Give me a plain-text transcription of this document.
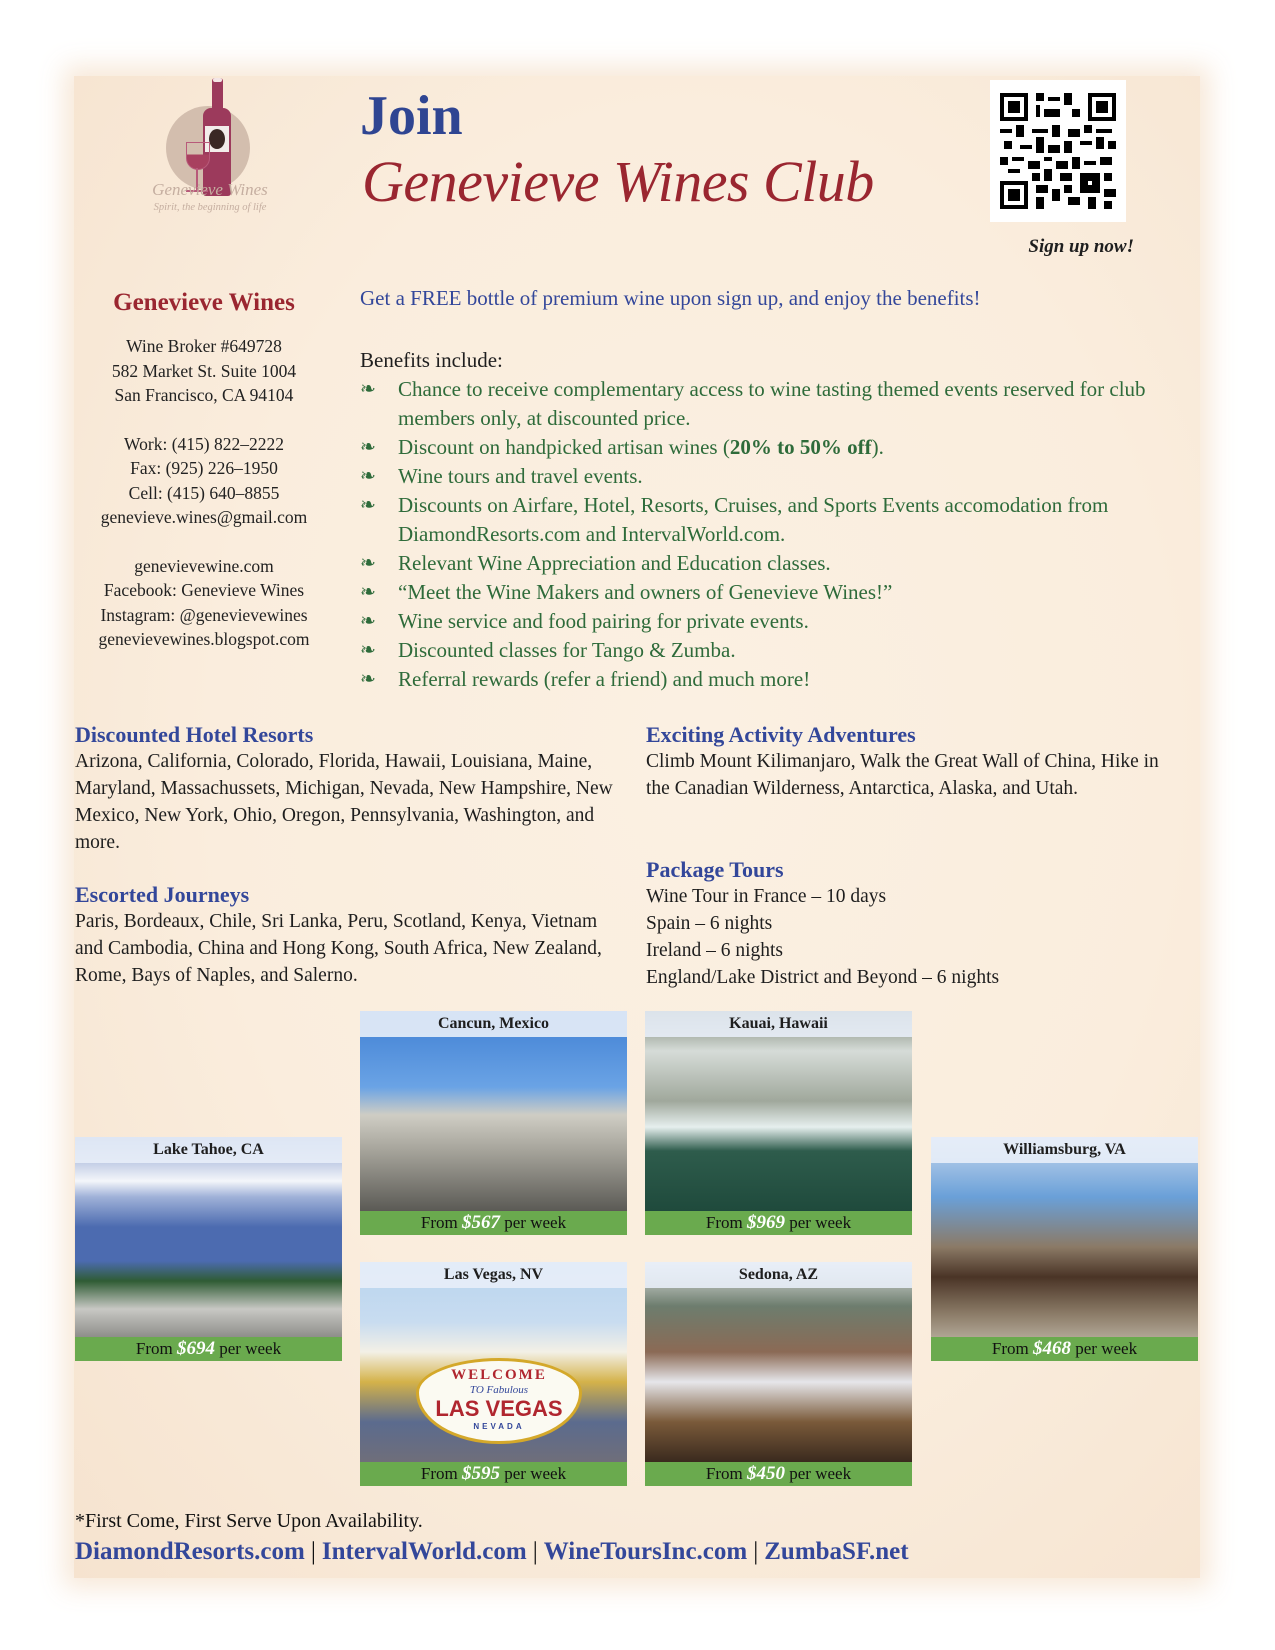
Genevieve Wines
Spirit, the beginning of life
Join
Genevieve Wines Club
Sign up now!
Genevieve Wines
Wine Broker #649728
582 Market St. Suite 1004
San Francisco, CA 94104
Work: (415) 822–2222
Fax: (925) 226–1950
Cell: (415) 640–8855
genevieve.wines@gmail.com
genevievewine.com
Facebook: Genevieve Wines
Instagram: @genevievewines
genevievewines.blogspot.com
Get a FREE bottle of premium wine upon sign up, and enjoy the benefits!
Benefits include:
❧ Chance to receive complementary access to wine tasting themed events reserved for club members only, at discounted price.
❧ Discount on handpicked artisan wines (20% to 50% off).
❧ Wine tours and travel events.
❧ Discounts on Airfare, Hotel, Resorts, Cruises, and Sports Events accomodation from DiamondResorts.com and IntervalWorld.com.
❧ Relevant Wine Appreciation and Education classes.
❧ “Meet the Wine Makers and owners of Genevieve Wines!”
❧ Wine service and food pairing for private events.
❧ Discounted classes for Tango & Zumba.
❧ Referral rewards (refer a friend) and much more!
Discounted Hotel Resorts
Arizona, California, Colorado, Florida, Hawaii, Louisiana, Maine, Maryland, Massachussets, Michigan, Nevada, New Hampshire, New Mexico, New York, Ohio, Oregon, Pennsylvania, Washington, and more.
Escorted Journeys
Paris, Bordeaux, Chile, Sri Lanka, Peru, Scotland, Kenya, Vietnam and Cambodia, China and Hong Kong, South Africa, New Zealand, Rome, Bays of Naples, and Salerno.
Exciting Activity Adventures
Climb Mount Kilimanjaro, Walk the Great Wall of China, Hike in the Canadian Wilderness, Antarctica, Alaska, and Utah.
Package Tours
Wine Tour in France – 10 days
Spain – 6 nights
Ireland – 6 nights
England/Lake District and Beyond – 6 nights
Lake Tahoe, CA
From $694 per week
Cancun, Mexico
From $567 per week
Kauai, Hawaii
From $969 per week
Williamsburg, VA
From $468 per week
WELCOME
TO Fabulous
LAS VEGAS
NEVADA
Las Vegas, NV
From $595 per week
Sedona, AZ
From $450 per week
*First Come, First Serve Upon Availability.
DiamondResorts.com | IntervalWorld.com | WineToursInc.com | ZumbaSF.net
